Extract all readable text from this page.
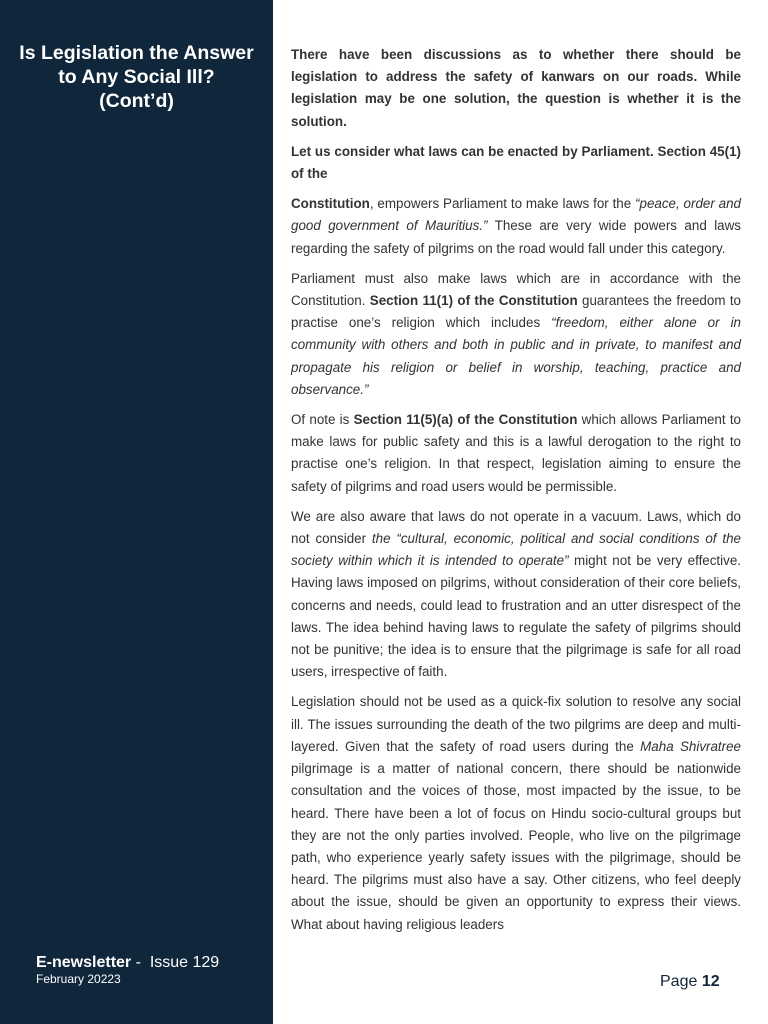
Is Legislation the Answer
to Any Social Ill?
(Cont’d)
E-newsletter -  Issue 129
February 20223

There have been discussions as to whether there should be legislation to address the safety of kanwars on our roads. While legislation may be one solution, the question is whether it is the solution.

Let us consider what laws can be enacted by Parliament. Section 45(1) of the

Constitution, empowers Parliament to make laws for the “peace, order and good government of Mauritius.” These are very wide powers and laws regarding the safety of pilgrims on the road would fall under this category.

Parliament must also make laws which are in accordance with the Constitution. Section 11(1) of the Constitution guarantees the freedom to practise one’s religion which includes “freedom, either alone or in community with others and both in public and in private, to manifest and propagate his religion or belief in worship, teaching, practice and observance.”

Of note is Section 11(5)(a) of the Constitution which allows Parliament to make laws for public safety and this is a lawful derogation to the right to practise one’s religion. In that respect, legislation aiming to ensure the safety of pilgrims and road users would be permissible.

We are also aware that laws do not operate in a vacuum. Laws, which do not consider the “cultural, economic, political and social conditions of the society within which it is intended to operate” might not be very effective. Having laws imposed on pilgrims, without consideration of their core beliefs, concerns and needs, could lead to frustration and an utter disrespect of the laws. The idea behind having laws to regulate the safety of pilgrims should not be punitive; the idea is to ensure that the pilgrimage is safe for all road users, irrespective of faith.

Legislation should not be used as a quick-fix solution to resolve any social ill. The issues surrounding the death of the two pilgrims are deep and multi-layered. Given that the safety of road users during the Maha Shivratree pilgrimage is a matter of national concern, there should be nationwide consultation and the voices of those, most impacted by the issue, to be heard. There have been a lot of focus on Hindu socio-cultural groups but they are not the only parties involved. People, who live on the pilgrimage path, who experience yearly safety issues with the pilgrimage, should be heard. The pilgrims must also have a say. Other citizens, who feel deeply about the issue, should be given an opportunity to express their views. What about having religious leaders

Page 12
